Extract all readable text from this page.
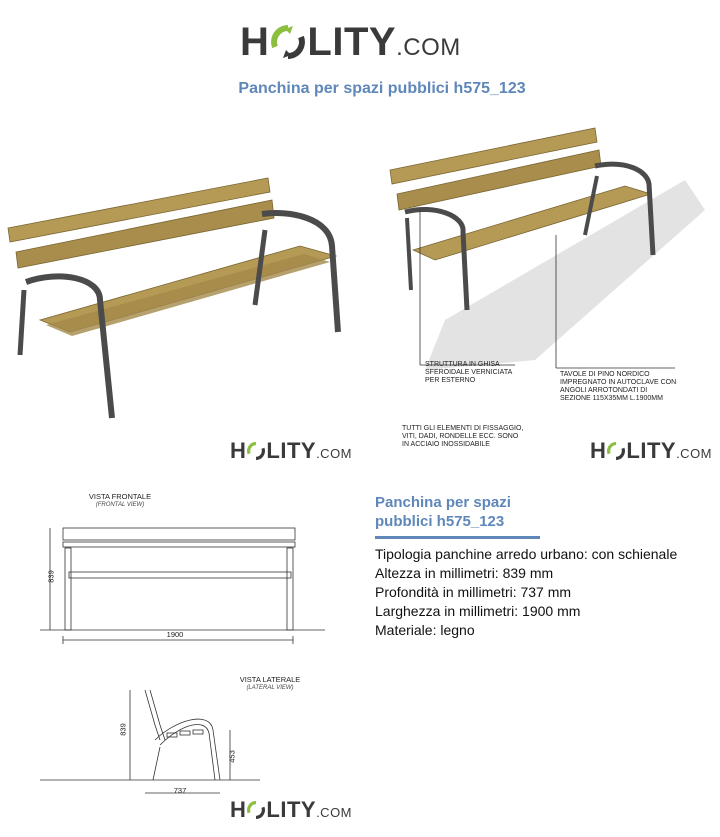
H LITY .COM
Panchina per spazi pubblici h575_123
STRUTTURA IN GHISA SFEROIDALE VERNICIATA PER ESTERNO
TAVOLE DI PINO NORDICO IMPREGNATO IN AUTOCLAVE CON ANGOLI ARROTONDATI DI SEZIONE 115X35MM L.1900MM
TUTTI GLI ELEMENTI DI FISSAGGIO, VITI, DADI, RONDELLE ECC. SONO IN ACCIAIO INOSSIDABILE
H LITY .COM	H LITY .COM
VISTA FRONTALE
(FRONTAL VIEW)
839
1900
VISTA LATERALE
(LATERAL VIEW)
839
453
737
H LITY .COM
Panchina per spazi
pubblici h575_123
Tipologia panchine arredo urbano: con schienale
Altezza in millimetri: 839 mm
Profondità in millimetri: 737 mm
Larghezza in millimetri: 1900 mm
Materiale: legno
